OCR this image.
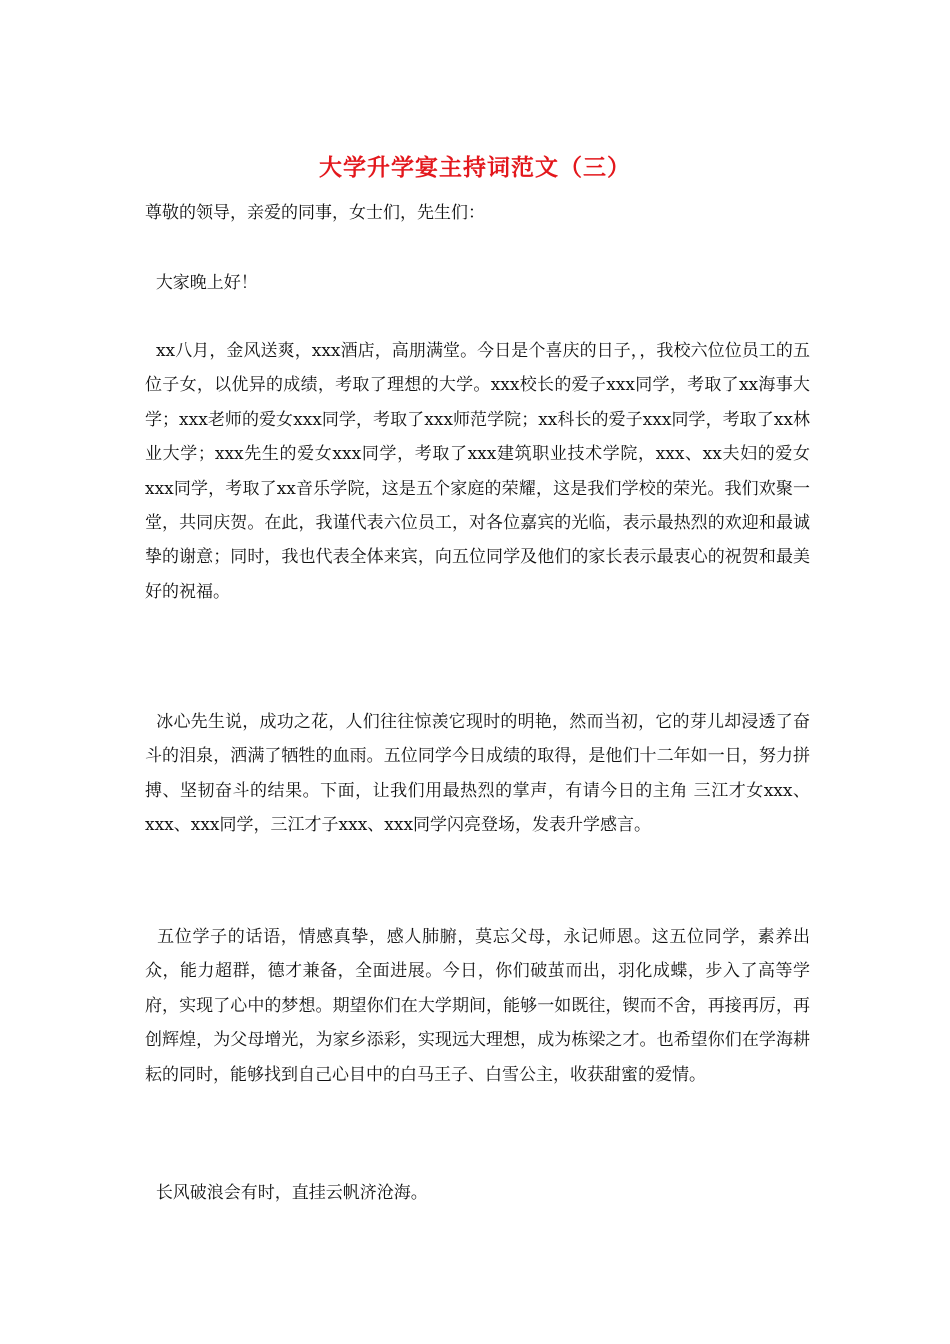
大学升学宴主持词范文（三）
尊敬的领导，亲爱的同事，女士们，先生们：
大家晚上好！
xx八月，金风送爽，xxx酒店，高朋满堂。今日是个喜庆的日子，，我校六位位员工的五位子女，以优异的成绩，考取了理想的大学。xxx校长的爱子xxx同学，考取了xx海事大学；xxx老师的爱女xxx同学，考取了xxx师范学院；xx科长的爱子xxx同学，考取了xx林业大学；xxx先生的爱女xxx同学，考取了xxx建筑职业技术学院，xxx、xx夫妇的爱女xxx同学，考取了xx音乐学院，这是五个家庭的荣耀，这是我们学校的荣光。我们欢聚一堂，共同庆贺。在此，我谨代表六位员工，对各位嘉宾的光临，表示最热烈的欢迎和最诚挚的谢意；同时，我也代表全体来宾，向五位同学及他们的家长表示最衷心的祝贺和最美好的祝福。
冰心先生说，成功之花，人们往往惊羡它现时的明艳，然而当初，它的芽儿却浸透了奋斗的泪泉，洒满了牺牲的血雨。五位同学今日成绩的取得，是他们十二年如一日，努力拼搏、坚韧奋斗的结果。下面，让我们用最热烈的掌声，有请今日的主角 三江才女xxx、xxx、xxx同学，三江才子xxx、xxx同学闪亮登场，发表升学感言。
五位学子的话语，情感真挚，感人肺腑，莫忘父母，永记师恩。这五位同学，素养出众，能力超群，德才兼备，全面进展。今日，你们破茧而出，羽化成蝶，步入了高等学府，实现了心中的梦想。期望你们在大学期间，能够一如既往，锲而不舍，再接再厉，再创辉煌，为父母增光，为家乡添彩，实现远大理想，成为栋梁之才。也希望你们在学海耕耘的同时，能够找到自己心目中的白马王子、白雪公主，收获甜蜜的爱情。
长风破浪会有时，直挂云帆济沧海。
